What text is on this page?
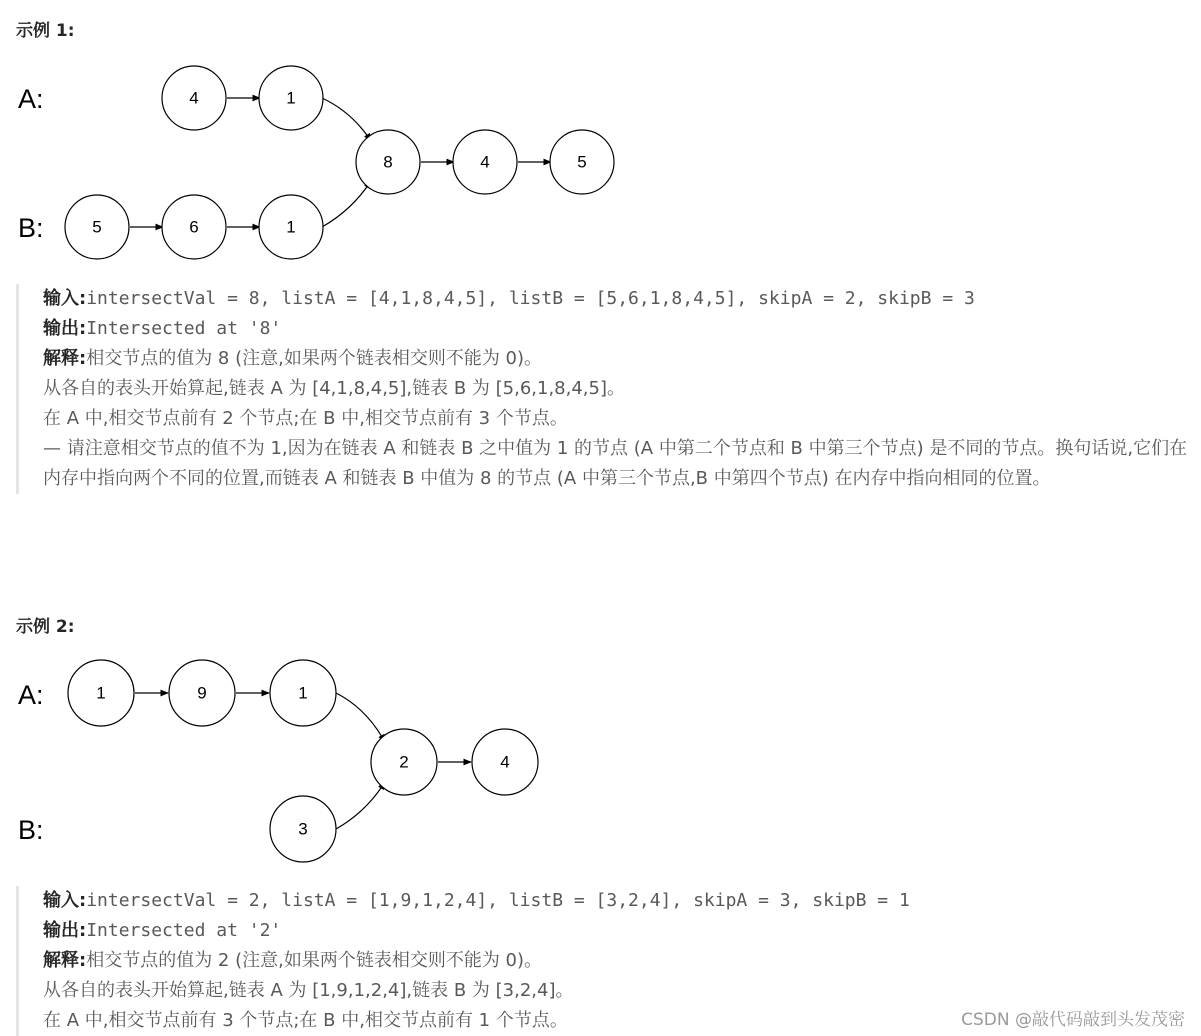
示例 1:
A:
B:
4	1
5	6	1
8	4	5
输入:intersectVal = 8, listA = [4,1,8,4,5], listB = [5,6,1,8,4,5], skipA = 2, skipB = 3
输出:Intersected at '8'
解释:相交节点的值为 8 (注意,如果两个链表相交则不能为 0)。
从各自的表头开始算起,链表 A 为 [4,1,8,4,5],链表 B 为 [5,6,1,8,4,5]。
在 A 中,相交节点前有 2 个节点;在 B 中,相交节点前有 3 个节点。
— 请注意相交节点的值不为 1,因为在链表 A 和链表 B 之中值为 1 的节点 (A 中第二个节点和 B 中第三个节点) 是不同的节点。换句话说,它们在内存中指向两个不同的位置,而链表 A 和链表 B 中值为 8 的节点 (A 中第三个节点,B 中第四个节点) 在内存中指向相同的位置。
示例 2:
A:
B:
1	9	1
3
2	4
输入:intersectVal = 2, listA = [1,9,1,2,4], listB = [3,2,4], skipA = 3, skipB = 1
输出:Intersected at '2'
解释:相交节点的值为 2 (注意,如果两个链表相交则不能为 0)。
从各自的表头开始算起,链表 A 为 [1,9,1,2,4],链表 B 为 [3,2,4]。
在 A 中,相交节点前有 3 个节点;在 B 中,相交节点前有 1 个节点。	CSDN @敲代码敲到头发茂密
